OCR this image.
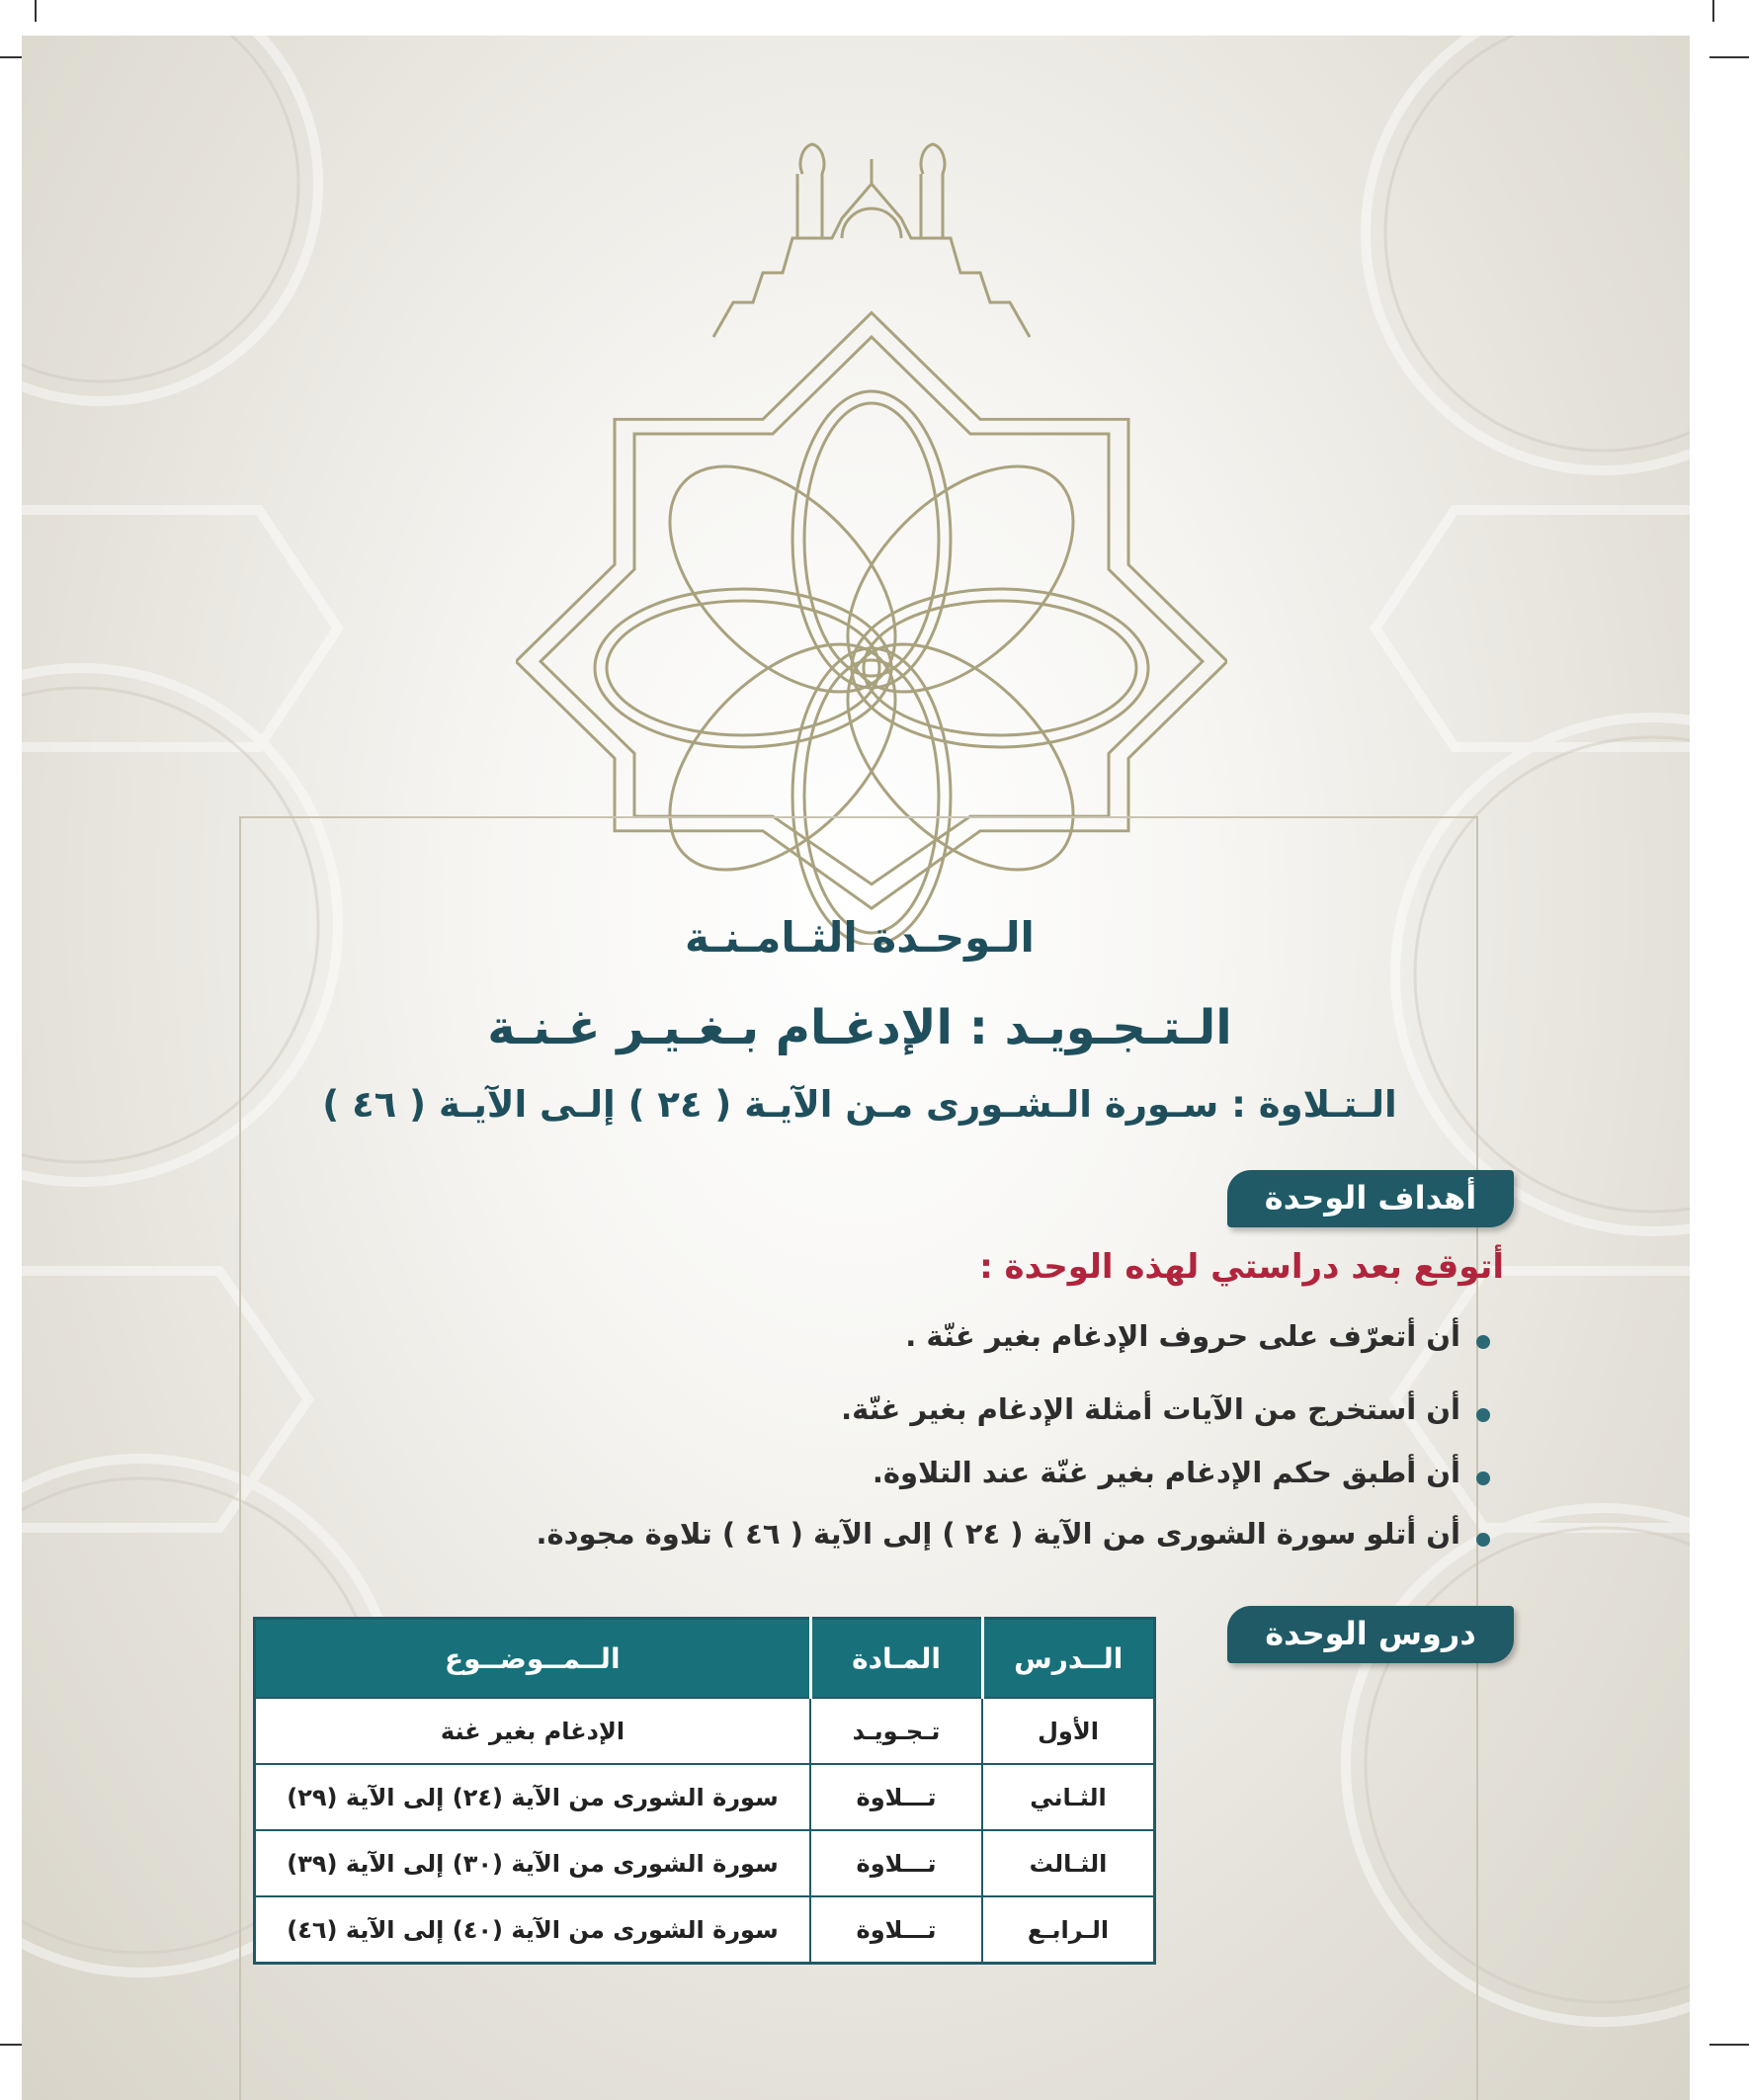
الـوحـدة الثـامـنـة
الـتـجـويـد : الإدغـام بـغـيـر غـنـة
الـتـلاوة : سـورة الـشـورى مـن الآيـة ( ٢٤ ) إلـى الآيـة ( ٤٦ )
أهداف الوحدة
أتوقع بعد دراستي لهذه الوحدة :
أن أتعرّف على حروف الإدغام بغير غنّة .
أن أستخرج من الآيات أمثلة الإدغام بغير غنّة.
أن أطبق حكم الإدغام بغير غنّة عند التلاوة.
أن أتلو سورة الشورى من الآية ( ٢٤ ) إلى الآية ( ٤٦ ) تلاوة مجودة.
دروس الوحدة
الــدرس	المـادة	الــمــوضــوع
الأول	تـجـويـد	الإدغام بغير غنة
الثـاني	تـــلاوة	سورة الشورى من الآية (٢٤) إلى الآية (٢٩)
الثـالث	تـــلاوة	سورة الشورى من الآية (٣٠) إلى الآية (٣٩)
الـرابـع	تـــلاوة	سورة الشورى من الآية (٤٠) إلى الآية (٤٦)
